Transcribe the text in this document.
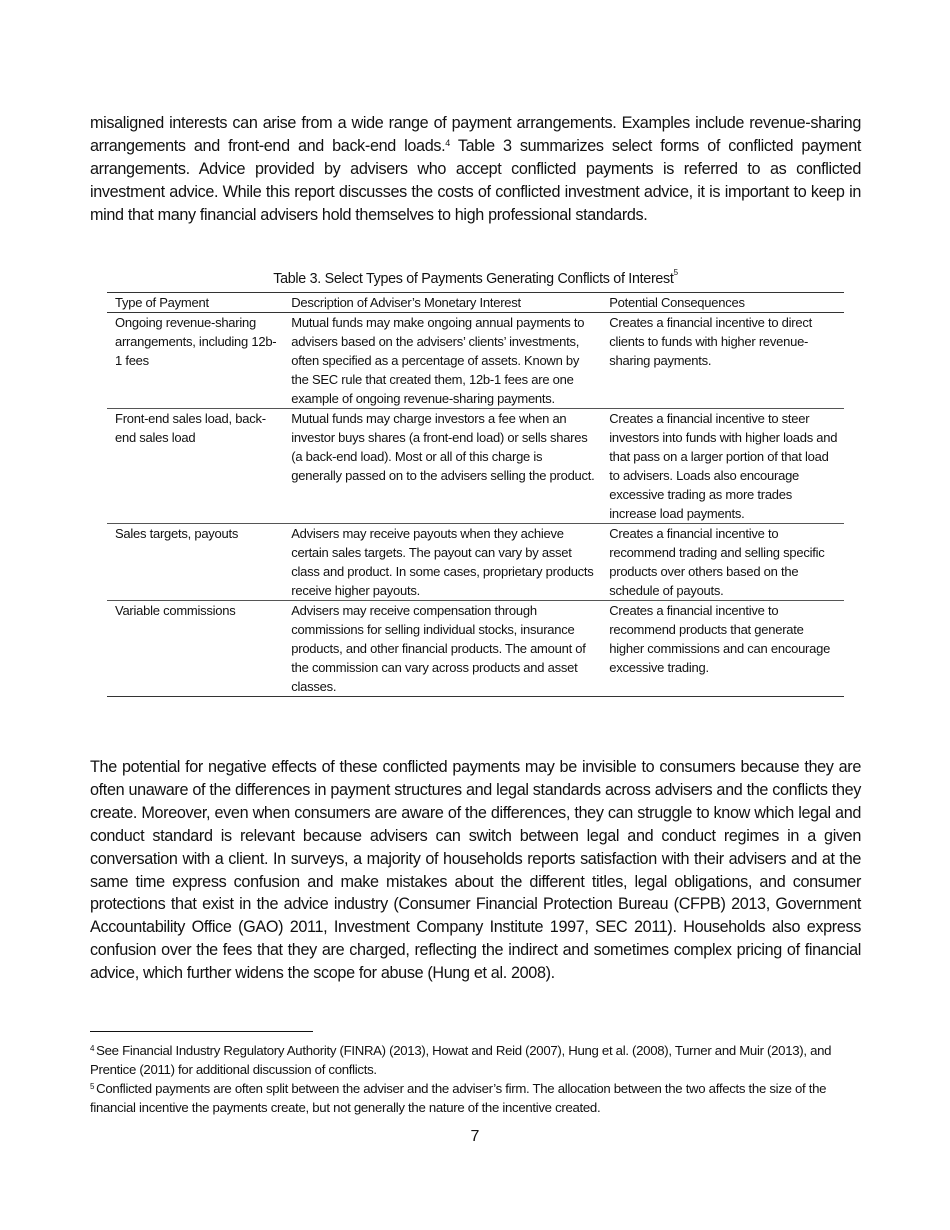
misaligned interests can arise from a wide range of payment arrangements. Examples include revenue-sharing arrangements and front-end and back-end loads.$^4$ Table 3 summarizes select forms of conflicted payment arrangements. Advice provided by advisers who accept conflicted payments is referred to as conflicted investment advice. While this report discusses the costs of conflicted investment advice, it is important to keep in mind that many financial advisers hold themselves to high professional standards.

Table 3. Select Types of Payments Generating Conflicts of Interest$^5$
Type of Payment	Description of Adviser’s Monetary Interest	Potential Consequences
Ongoing revenue-sharing arrangements, including 12b-1 fees	Mutual funds may make ongoing annual payments to advisers based on the advisers’ clients’ investments, often specified as a percentage of assets. Known by the SEC rule that created them, 12b-1 fees are one example of ongoing revenue-sharing payments.	Creates a financial incentive to direct clients to funds with higher revenue-sharing payments.
Front-end sales load, back-end sales load	Mutual funds may charge investors a fee when an investor buys shares (a front-end load) or sells shares (a back-end load). Most or all of this charge is generally passed on to the advisers selling the product.	Creates a financial incentive to steer investors into funds with higher loads and that pass on a larger portion of that load to advisers. Loads also encourage excessive trading as more trades increase load payments.
Sales targets, payouts	Advisers may receive payouts when they achieve certain sales targets. The payout can vary by asset class and product. In some cases, proprietary products receive higher payouts.	Creates a financial incentive to recommend trading and selling specific products over others based on the schedule of payouts.
Variable commissions	Advisers may receive compensation through commissions for selling individual stocks, insurance products, and other financial products. The amount of the commission can vary across products and asset classes.	Creates a financial incentive to recommend products that generate higher commissions and can encourage excessive trading.

The potential for negative effects of these conflicted payments may be invisible to consumers because they are often unaware of the differences in payment structures and legal standards across advisers and the conflicts they create. Moreover, even when consumers are aware of the differences, they can struggle to know which legal and conduct standard is relevant because advisers can switch between legal and conduct regimes in a given conversation with a client. In surveys, a majority of households reports satisfaction with their advisers and at the same time express confusion and make mistakes about the different titles, legal obligations, and consumer protections that exist in the advice industry (Consumer Financial Protection Bureau (CFPB) 2013, Government Accountability Office (GAO) 2011, Investment Company Institute 1997, SEC 2011). Households also express confusion over the fees that they are charged, reflecting the indirect and sometimes complex pricing of financial advice, which further widens the scope for abuse (Hung et al. 2008).

$^4$ See Financial Industry Regulatory Authority (FINRA) (2013), Howat and Reid (2007), Hung et al. (2008), Turner and Muir (2013), and Prentice (2011) for additional discussion of conflicts.
$^5$ Conflicted payments are often split between the adviser and the adviser’s firm. The allocation between the two affects the size of the financial incentive the payments create, but not generally the nature of the incentive created.
7
